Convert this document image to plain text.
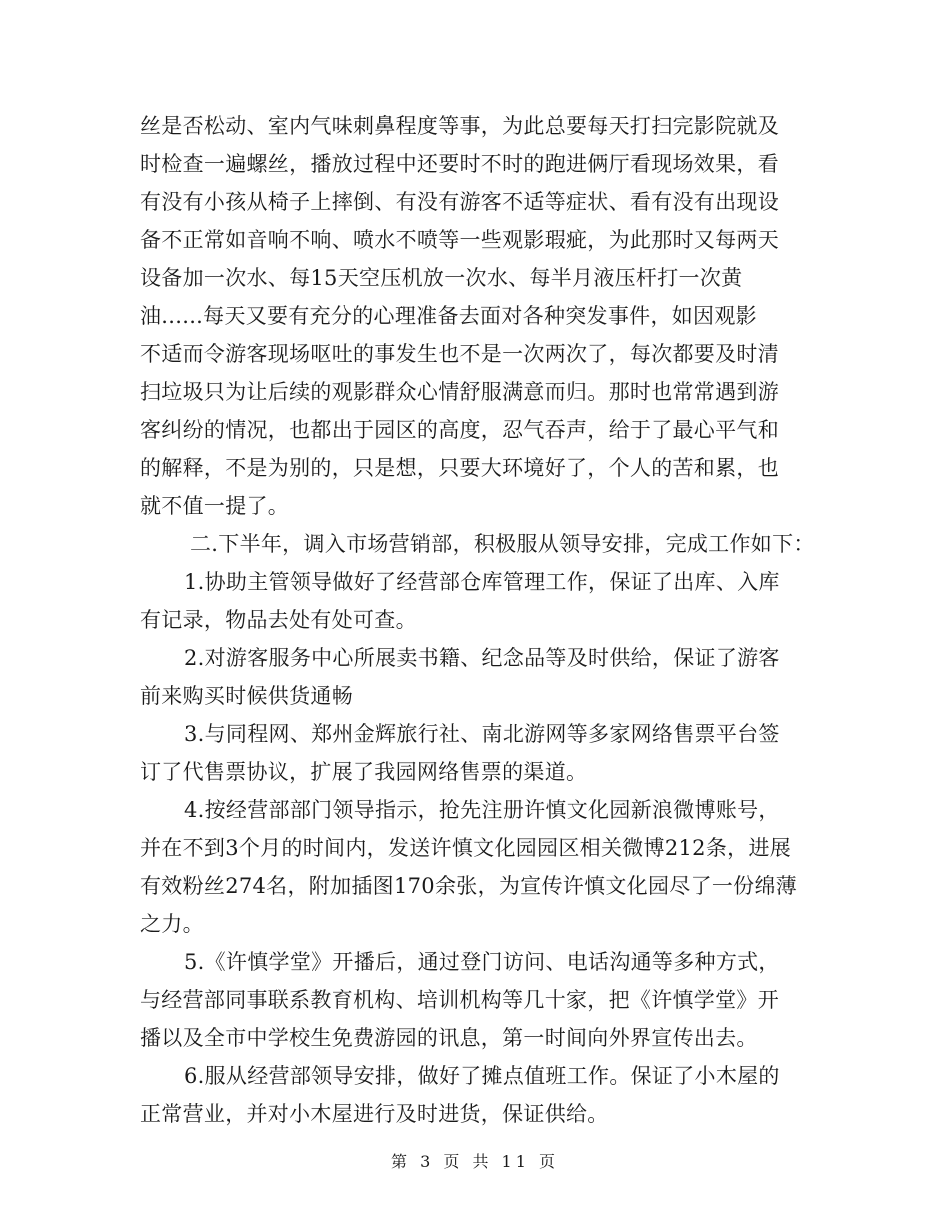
丝是否松动、室内气味刺鼻程度等事，为此总要每天打扫完影院就及
时检查一遍螺丝，播放过程中还要时不时的跑进俩厅看现场效果，看
有没有小孩从椅子上摔倒、有没有游客不适等症状、看有没有出现设
备不正常如音响不响、喷水不喷等一些观影瑕疵，为此那时又每两天
设备加一次水、每15天空压机放一次水、每半月液压杆打一次黄
油......每天又要有充分的心理准备去面对各种突发事件，如因观影
不适而令游客现场呕吐的事发生也不是一次两次了，每次都要及时清
扫垃圾只为让后续的观影群众心情舒服满意而归。那时也常常遇到游
客纠纷的情况，也都出于园区的高度，忍气吞声，给于了最心平气和
的解释，不是为别的，只是想，只要大环境好了，个人的苦和累，也
就不值一提了。
二.下半年，调入市场营销部，积极服从领导安排，完成工作如下：
1.协助主管领导做好了经营部仓库管理工作，保证了出库、入库
有记录，物品去处有处可查。
2.对游客服务中心所展卖书籍、纪念品等及时供给，保证了游客
前来购买时候供货通畅
3.与同程网、郑州金辉旅行社、南北游网等多家网络售票平台签
订了代售票协议，扩展了我园网络售票的渠道。
4.按经营部部门领导指示，抢先注册许慎文化园新浪微博账号，
并在不到3个月的时间内，发送许慎文化园园区相关微博212条，进展
有效粉丝274名，附加插图170余张，为宣传许慎文化园尽了一份绵薄
之力。
5.《许慎学堂》开播后，通过登门访问、电话沟通等多种方式，
与经营部同事联系教育机构、培训机构等几十家，把《许慎学堂》开
播以及全市中学校生免费游园的讯息，第一时间向外界宣传出去。
6.服从经营部领导安排，做好了摊点值班工作。保证了小木屋的
正常营业，并对小木屋进行及时进货，保证供给。
第 3 页 共 11 页
